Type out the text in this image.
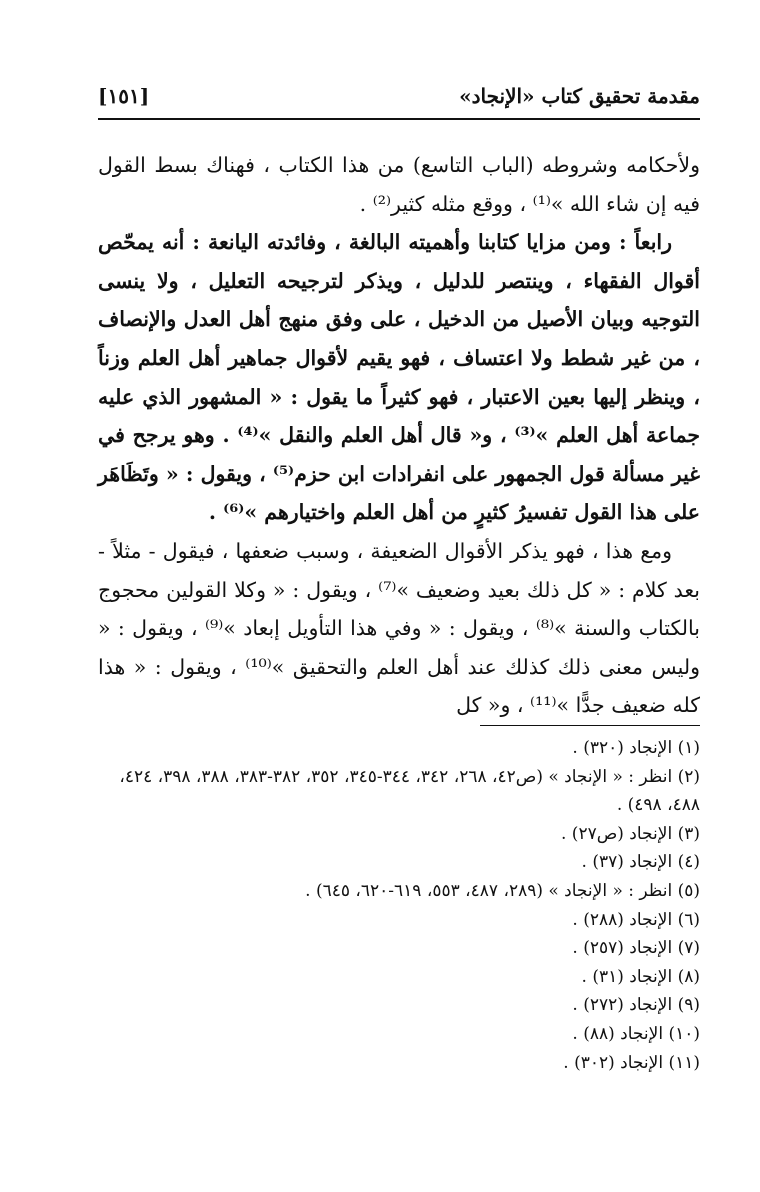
مقدمة تحقيق كتاب «الإنجاد»
[١٥١]

ولأحكامه وشروطه (الباب التاسع) من هذا الكتاب ، فهناك بسط القول فيه إن شاء الله »⁽¹⁾ ، ووقع مثله كثير⁽²⁾ .

رابعاً : ومن مزايا كتابنا وأهميته البالغة ، وفائدته اليانعة : أنه يمحّص أقوال الفقهاء ، وينتصر للدليل ، ويذكر لترجيحه التعليل ، ولا ينسى التوجيه وبيان الأصيل من الدخيل ، على وفق منهج أهل العدل والإنصاف ، من غير شطط ولا اعتساف ، فهو يقيم لأقوال جماهير أهل العلم وزناً ، وينظر إليها بعين الاعتبار ، فهو كثيراً ما يقول : « المشهور الذي عليه جماعة أهل العلم »⁽³⁾ ، و« قال أهل العلم والنقل »⁽⁴⁾ . وهو يرجح في غير مسألة قول الجمهور على انفرادات ابن حزم⁽⁵⁾ ، ويقول : « وتَظَاهَر على هذا القول تفسيرُ كثيرٍ من أهل العلم واختيارهم »⁽⁶⁾ .

ومع هذا ، فهو يذكر الأقوال الضعيفة ، وسبب ضعفها ، فيقول - مثلاً - بعد كلام : « كل ذلك بعيد وضعيف »⁽⁷⁾ ، ويقول : « وكلا القولين محجوج بالكتاب والسنة »⁽⁸⁾ ، ويقول : « وفي هذا التأويل إبعاد »⁽⁹⁾ ، ويقول : « وليس معنى ذلك كذلك عند أهل العلم والتحقيق »⁽¹⁰⁾ ، ويقول : « هذا كله ضعيف جدًّا »⁽¹¹⁾ ، و« كل

(١) الإنجاد (٣٢٠) .

(٢) انظر : « الإنجاد » (ص٤٢، ٢٦٨، ٣٤٢، ٣٤٤-٣٤٥، ٣٥٢، ٣٨٢-٣٨٣، ٣٨٨، ٣٩٨، ٤٢٤، ٤٨٨، ٤٩٨) .

(٣) الإنجاد (ص٢٧) .

(٤) الإنجاد (٣٧) .

(٥) انظر : « الإنجاد » (٢٨٩، ٤٨٧، ٥٥٣، ٦١٩-٦٢٠، ٦٤٥) .

(٦) الإنجاد (٢٨٨) .

(٧) الإنجاد (٢٥٧) .

(٨) الإنجاد (٣١) .

(٩) الإنجاد (٢٧٢) .

(١٠) الإنجاد (٨٨) .

(١١) الإنجاد (٣٠٢) .
